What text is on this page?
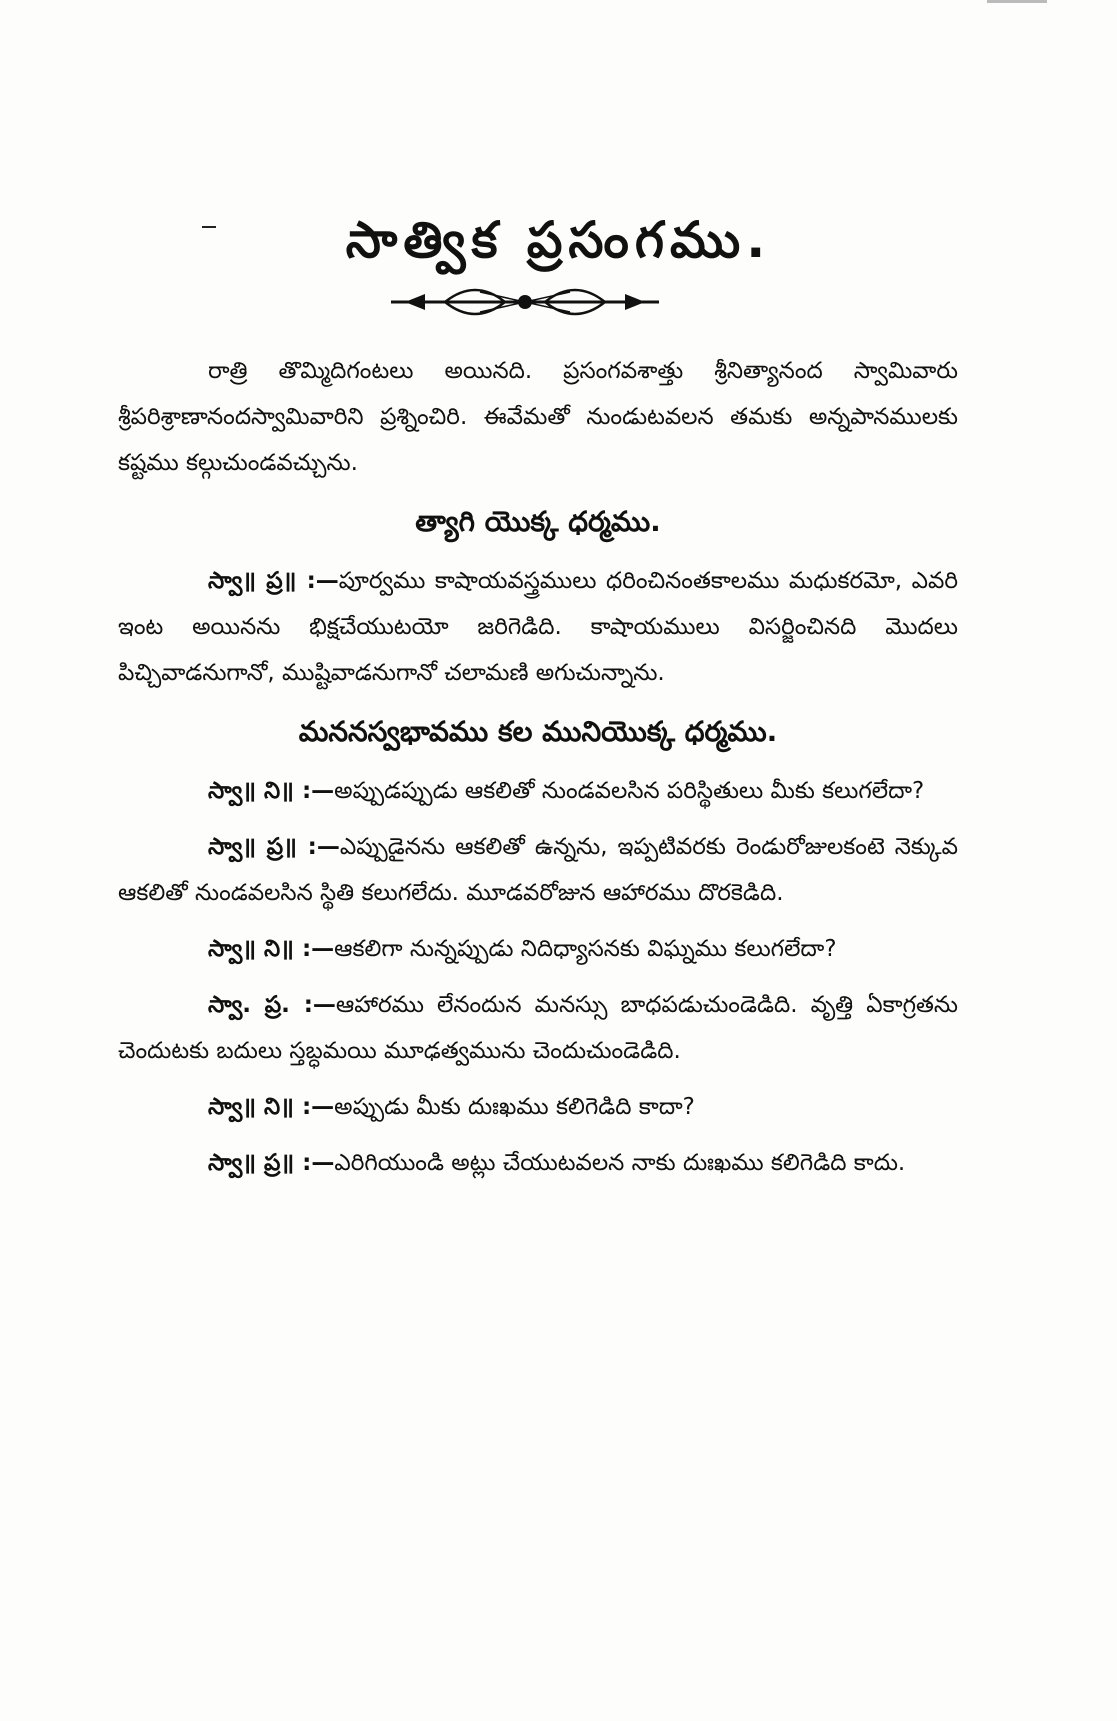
సాత్విక ప్రసంగము.

రాత్రి తొమ్మిదిగంటలు అయినది. ప్రసంగవశాత్తు శ్రీనిత్యానంద స్వామివారు శ్రీపరిశ్రాణానందస్వామివారిని ప్రశ్నించిరి. ఈవేమతో నుండుటవలన తమకు అన్నపానములకు కష్టము కల్గుచుండవచ్చును.

త్యాగి యొక్క ధర్మము.

స్వా॥ ప్ర॥ :—పూర్వము కాషాయవస్త్రములు ధరించినంతకాలము మధుకరమో, ఎవరి ఇంట అయినను భిక్షచేయుటయో జరిగెడిది. కాషాయములు విసర్జించినది మొదలు పిచ్చివాడనుగానో, ముష్టివాడనుగానో చలామణి అగుచున్నాను.

మననస్వభావము కల మునియొక్క ధర్మము.

స్వా॥ ని॥ :—అప్పుడప్పుడు ఆకలితో నుండవలసిన పరిస్థితులు మీకు కలుగలేదా?

స్వా॥ ప్ర॥ :—ఎప్పుడైనను ఆకలితో ఉన్నను, ఇప్పటివరకు రెండురోజులకంటె నెక్కువ ఆకలితో నుండవలసిన స్థితి కలుగలేదు. మూడవరోజున ఆహారము దొరకెడిది.

స్వా॥ ని॥ :—ఆకలిగా నున్నప్పుడు నిదిధ్యాసనకు విఘ్నము కలుగలేదా?

స్వా. ప్ర. :—ఆహారము లేనందున మనస్సు బాధపడుచుండెడిది. వృత్తి ఏకాగ్రతను చెందుటకు బదులు స్తబ్ధమయి మూఢత్వమును చెందుచుండెడిది.

స్వా॥ ని॥ :—అప్పుడు మీకు దుఃఖము కలిగెడిది కాదా?

స్వా॥ ప్ర॥ :—ఎరిగియుండి అట్లు చేయుటవలన నాకు దుఃఖము కలిగెడిది కాదు.
